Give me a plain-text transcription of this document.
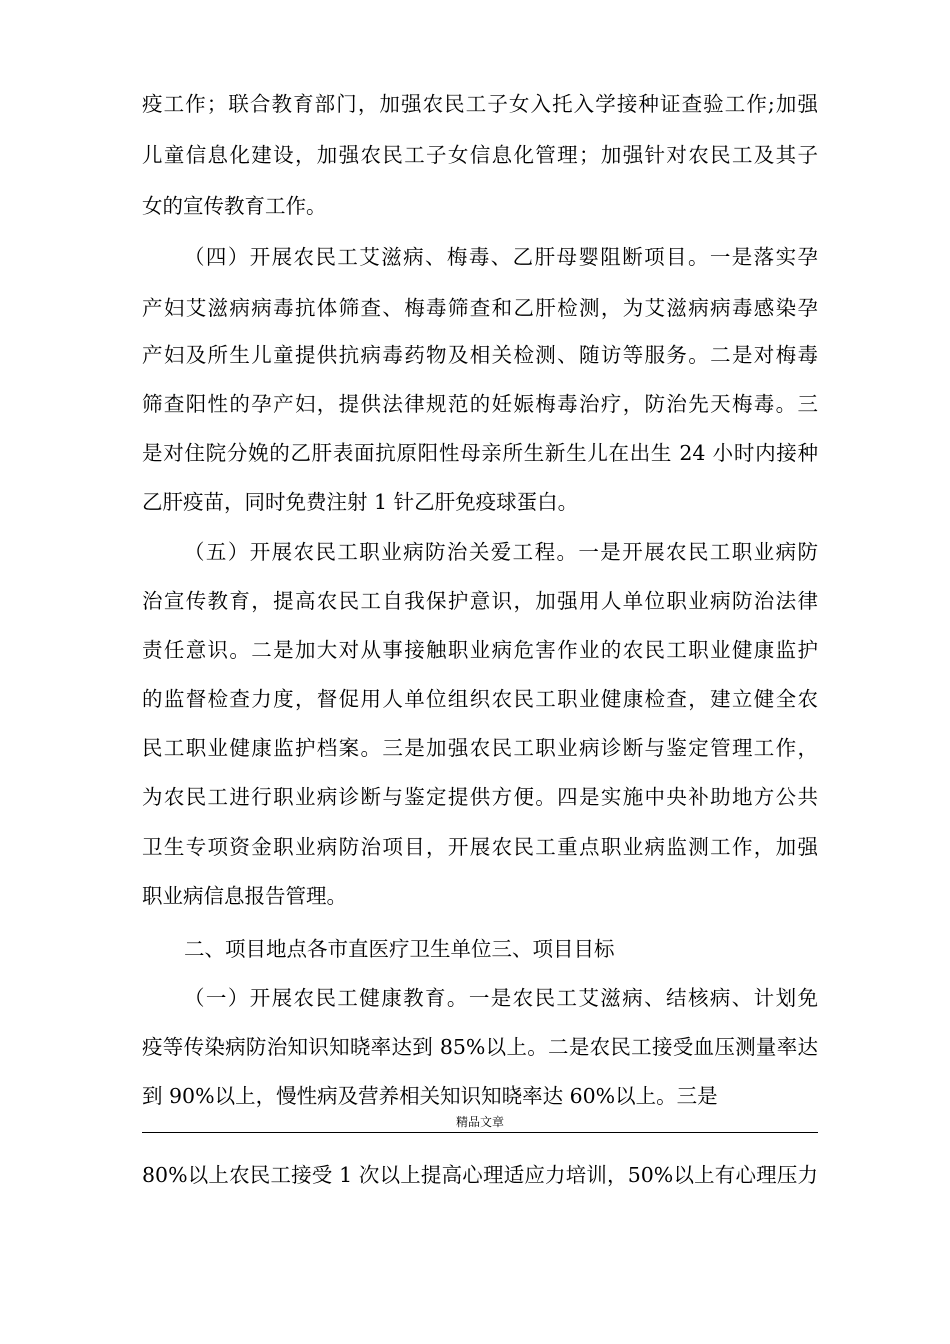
疫工作；联合教育部门，加强农民工子女入托入学接种证查验工作;加强
儿童信息化建设，加强农民工子女信息化管理；加强针对农民工及其子
女的宣传教育工作。
（四）开展农民工艾滋病、梅毒、乙肝母婴阻断项目。一是落实孕
产妇艾滋病病毒抗体筛查、梅毒筛查和乙肝检测，为艾滋病病毒感染孕
产妇及所生儿童提供抗病毒药物及相关检测、随访等服务。二是对梅毒
筛查阳性的孕产妇，提供法律规范的妊娠梅毒治疗，防治先天梅毒。三
是对住院分娩的乙肝表面抗原阳性母亲所生新生儿在出生 24 小时内接种
乙肝疫苗，同时免费注射 1 针乙肝免疫球蛋白。
（五）开展农民工职业病防治关爱工程。一是开展农民工职业病防
治宣传教育，提高农民工自我保护意识，加强用人单位职业病防治法律
责任意识。二是加大对从事接触职业病危害作业的农民工职业健康监护
的监督检查力度，督促用人单位组织农民工职业健康检查，建立健全农
民工职业健康监护档案。三是加强农民工职业病诊断与鉴定管理工作，
为农民工进行职业病诊断与鉴定提供方便。四是实施中央补助地方公共
卫生专项资金职业病防治项目，开展农民工重点职业病监测工作，加强
职业病信息报告管理。
二、项目地点各市直医疗卫生单位三、项目目标
（一）开展农民工健康教育。一是农民工艾滋病、结核病、计划免
疫等传染病防治知识知晓率达到 85%以上。二是农民工接受血压测量率达
到 90%以上，慢性病及营养相关知识知晓率达 60%以上。三是
精品文章
80%以上农民工接受 1 次以上提高心理适应力培训，50%以上有心理压力
